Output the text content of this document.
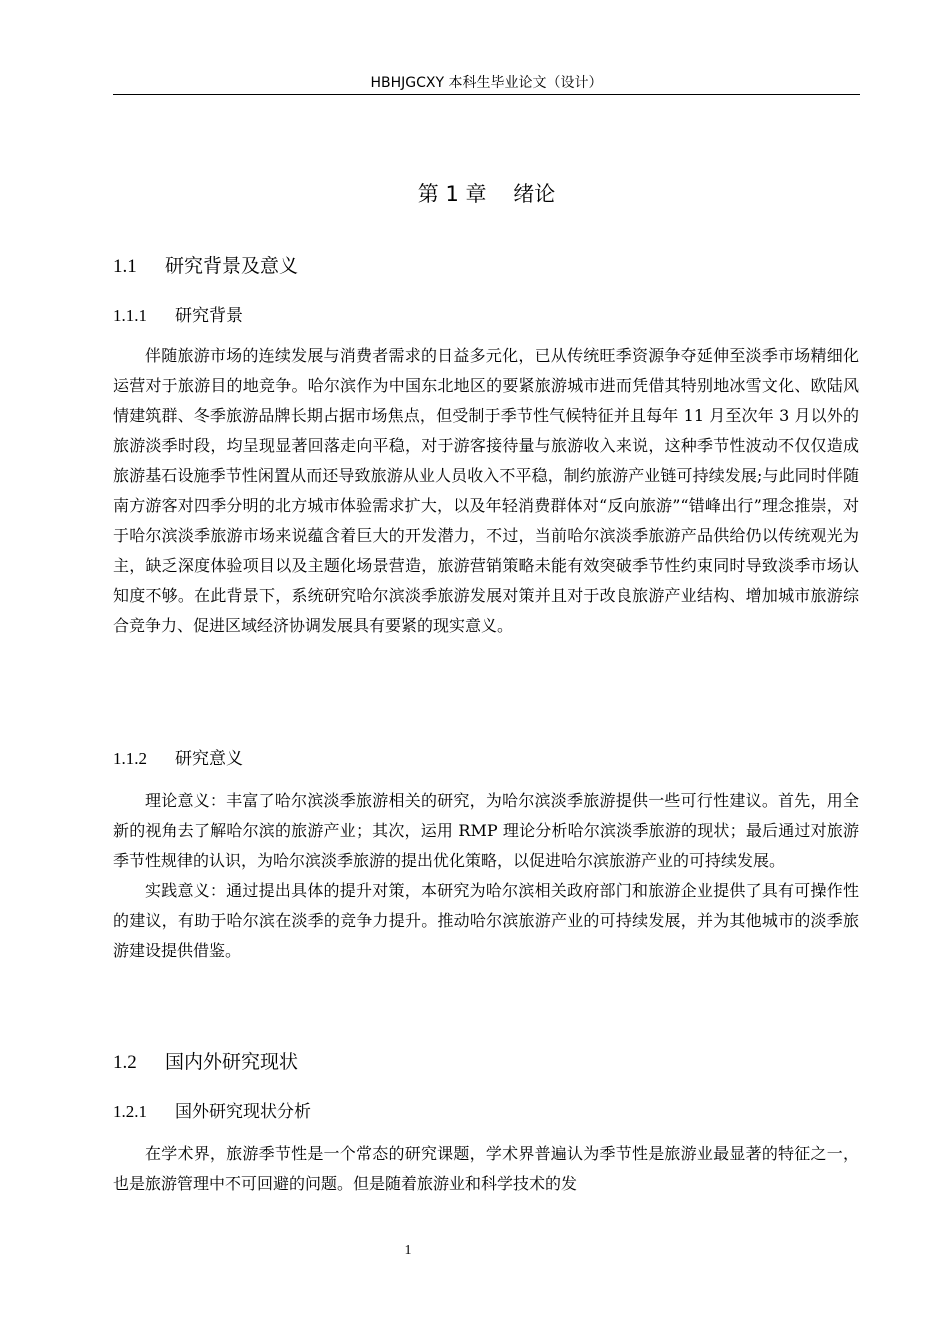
HBHJGCXY 本科生毕业论文（设计）
第 1 章    绪论
1.1 研究背景及意义
1.1.1 研究背景

伴随旅游市场的连续发展与消费者需求的日益多元化，已从传统旺季资源争夺延伸至淡季市场精细化运营对于旅游目的地竞争。哈尔滨作为中国东北地区的要紧旅游城市进而凭借其特别地冰雪文化、欧陆风情建筑群、冬季旅游品牌长期占据市场焦点，但受制于季节性气候特征并且每年 11 月至次年 3 月以外的旅游淡季时段，均呈现显著回落走向平稳，对于游客接待量与旅游收入来说，这种季节性波动不仅仅造成旅游基石设施季节性闲置从而还导致旅游从业人员收入不平稳，制约旅游产业链可持续发展;与此同时伴随南方游客对四季分明的北方城市体验需求扩大，以及年轻消费群体对“反向旅游”“错峰出行”理念推崇，对于哈尔滨淡季旅游市场来说蕴含着巨大的开发潜力，不过，当前哈尔滨淡季旅游产品供给仍以传统观光为主，缺乏深度体验项目以及主题化场景营造，旅游营销策略未能有效突破季节性约束同时导致淡季市场认知度不够。在此背景下，系统研究哈尔滨淡季旅游发展对策并且对于改良旅游产业结构、增加城市旅游综合竞争力、促进区域经济协调发展具有要紧的现实意义。

1.1.2 研究意义

理论意义：丰富了哈尔滨淡季旅游相关的研究，为哈尔滨淡季旅游提供一些可行性建议。首先，用全新的视角去了解哈尔滨的旅游产业；其次，运用 RMP 理论分析哈尔滨淡季旅游的现状；最后通过对旅游季节性规律的认识，为哈尔滨淡季旅游的提出优化策略，以促进哈尔滨旅游产业的可持续发展。

实践意义：通过提出具体的提升对策，本研究为哈尔滨相关政府部门和旅游企业提供了具有可操作性的建议，有助于哈尔滨在淡季的竞争力提升。推动哈尔滨旅游产业的可持续发展，并为其他城市的淡季旅游建设提供借鉴。

1.2 国内外研究现状
1.2.1 国外研究现状分析

在学术界，旅游季节性是一个常态的研究课题，学术界普遍认为季节性是旅游业最显著的特征之一，也是旅游管理中不可回避的问题。但是随着旅游业和科学技术的发

1
